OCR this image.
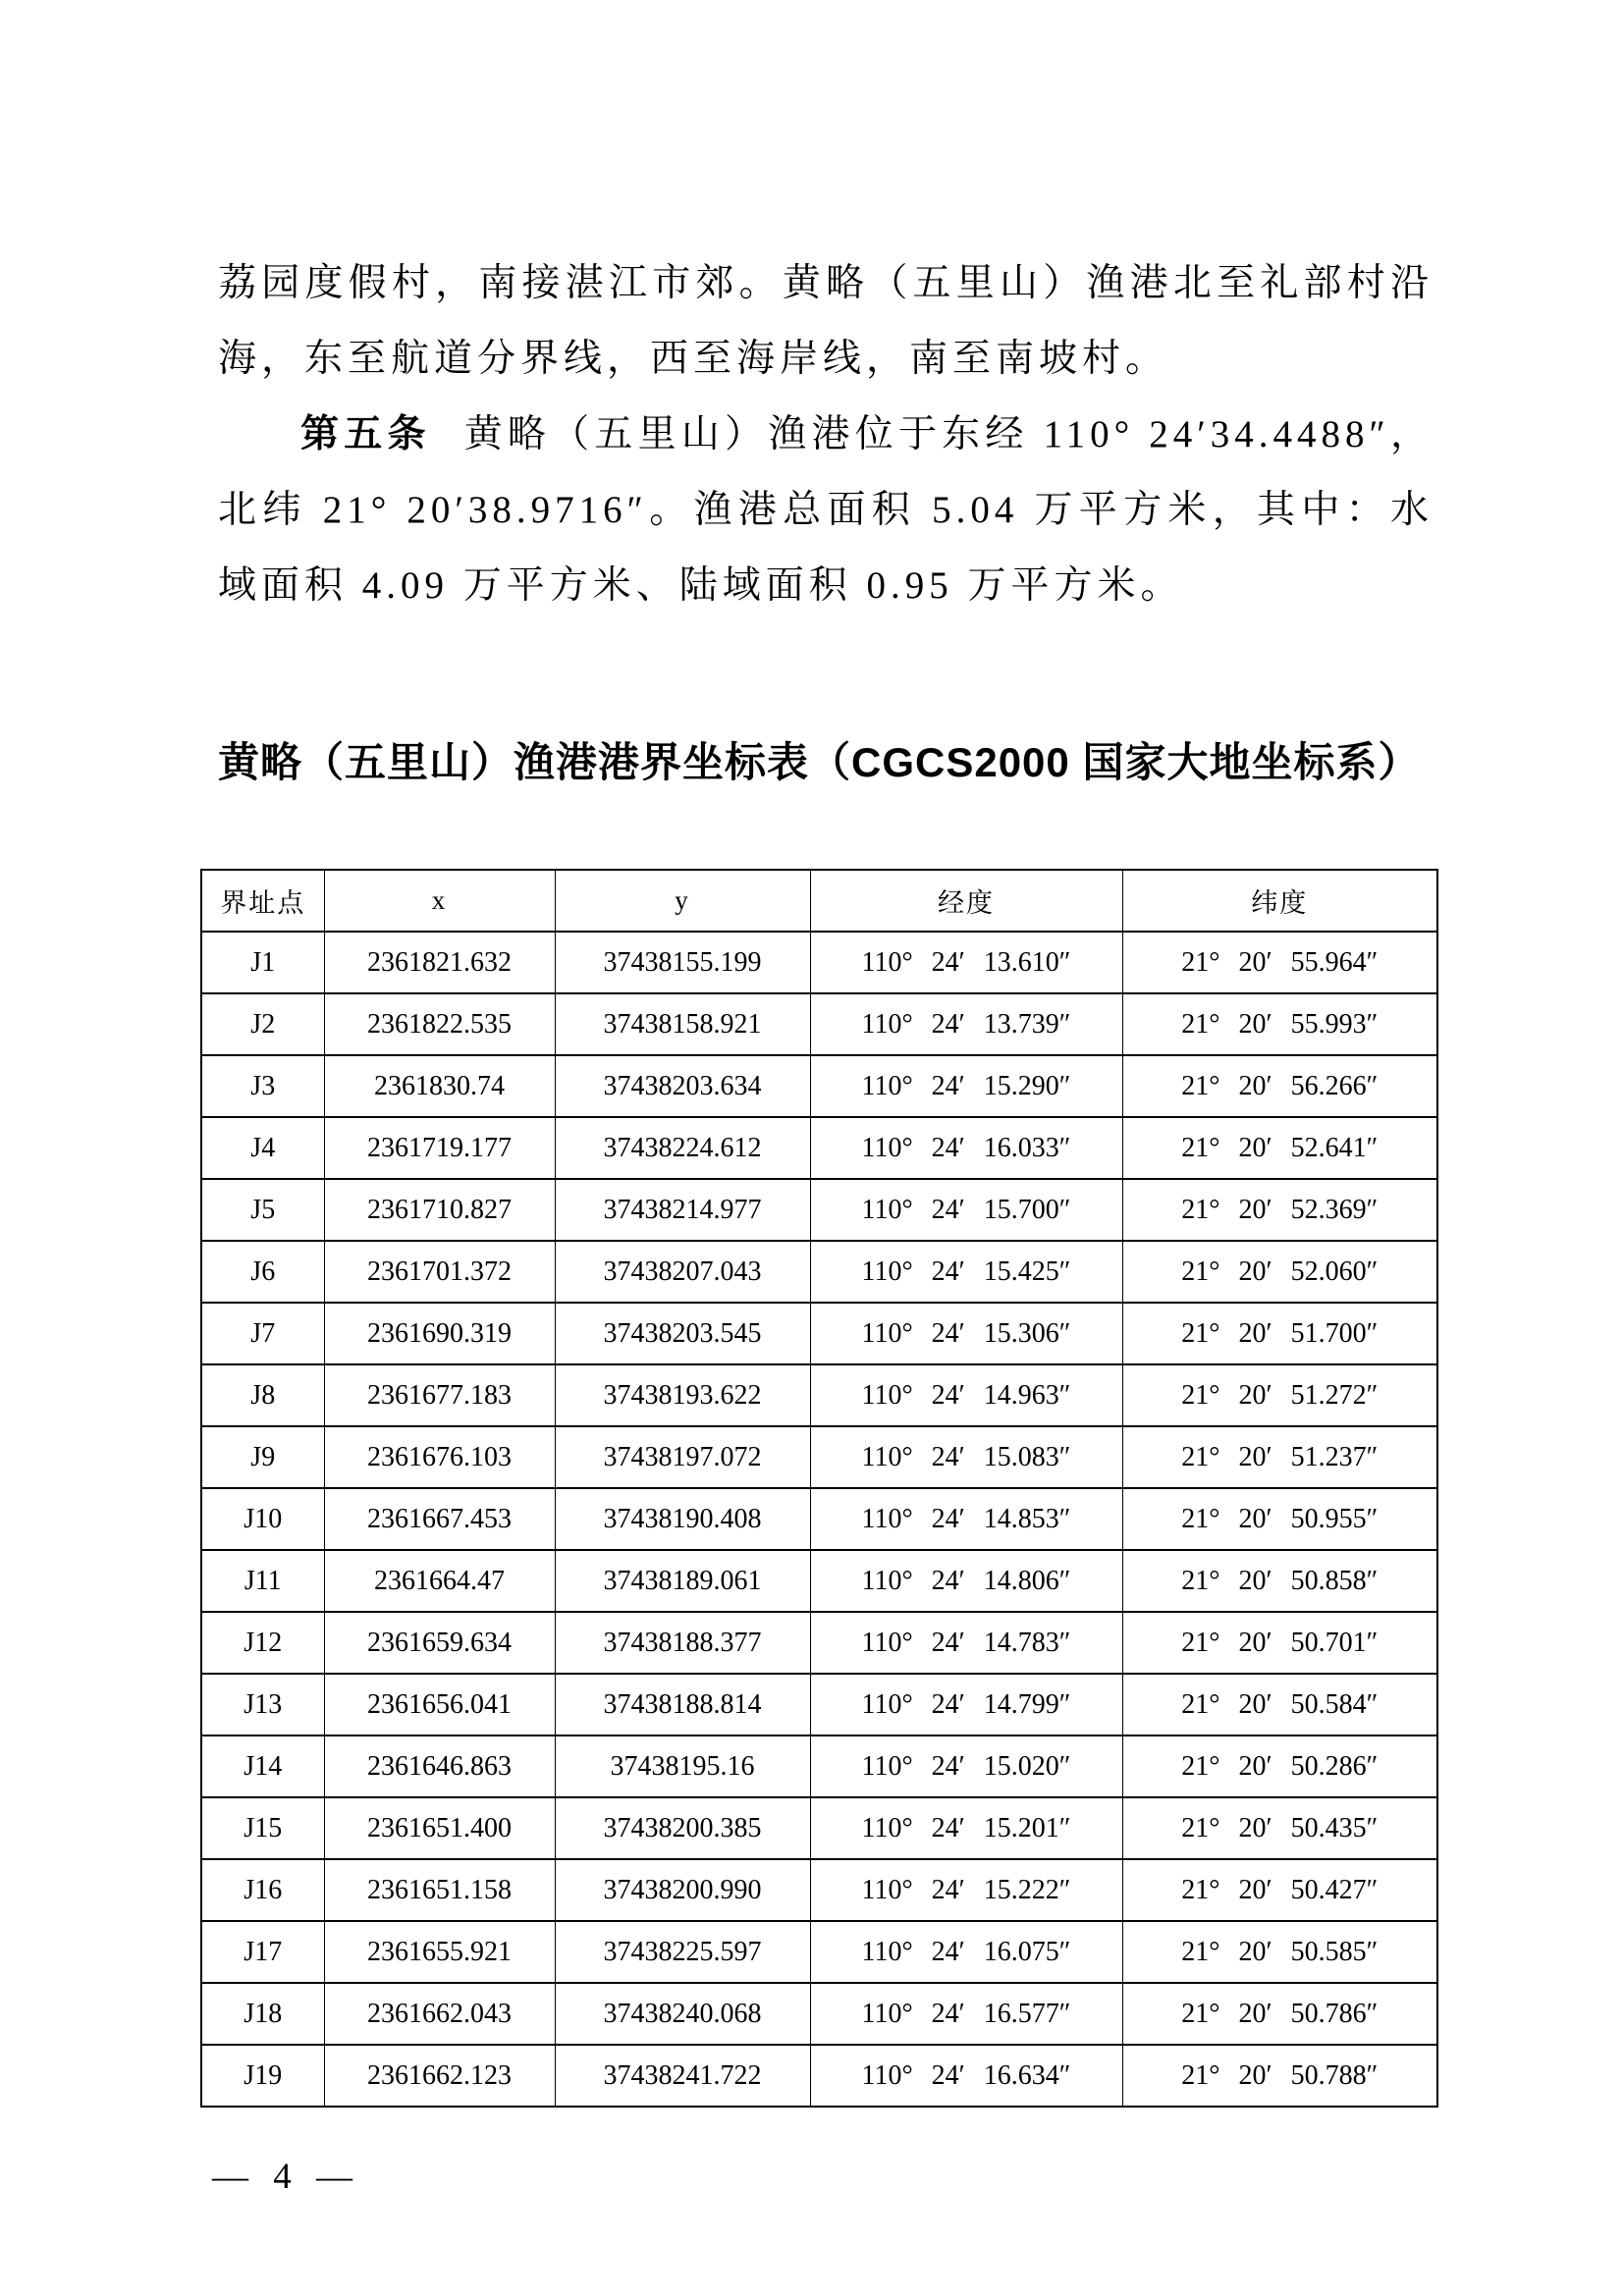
荔园度假村，南接湛江市郊。黄略（五里山）渔港北至礼部村沿海，东至航道分界线，西至海岸线，南至南坡村。

第五条 黄略（五里山）渔港位于东经 110° 24′34.4488″，北纬 21° 20′38.9716″。渔港总面积 5.04 万平方米，其中：水域面积 4.09 万平方米、陆域面积 0.95 万平方米。

黄略（五里山）渔港港界坐标表（CGCS2000 国家大地坐标系）
界址点	x	y	经度	纬度
J1	2361821.632	37438155.199	110° 24′ 13.610″	21° 20′ 55.964″
J2	2361822.535	37438158.921	110° 24′ 13.739″	21° 20′ 55.993″
J3	2361830.74	37438203.634	110° 24′ 15.290″	21° 20′ 56.266″
J4	2361719.177	37438224.612	110° 24′ 16.033″	21° 20′ 52.641″
J5	2361710.827	37438214.977	110° 24′ 15.700″	21° 20′ 52.369″
J6	2361701.372	37438207.043	110° 24′ 15.425″	21° 20′ 52.060″
J7	2361690.319	37438203.545	110° 24′ 15.306″	21° 20′ 51.700″
J8	2361677.183	37438193.622	110° 24′ 14.963″	21° 20′ 51.272″
J9	2361676.103	37438197.072	110° 24′ 15.083″	21° 20′ 51.237″
J10	2361667.453	37438190.408	110° 24′ 14.853″	21° 20′ 50.955″
J11	2361664.47	37438189.061	110° 24′ 14.806″	21° 20′ 50.858″
J12	2361659.634	37438188.377	110° 24′ 14.783″	21° 20′ 50.701″
J13	2361656.041	37438188.814	110° 24′ 14.799″	21° 20′ 50.584″
J14	2361646.863	37438195.16	110° 24′ 15.020″	21° 20′ 50.286″
J15	2361651.400	37438200.385	110° 24′ 15.201″	21° 20′ 50.435″
J16	2361651.158	37438200.990	110° 24′ 15.222″	21° 20′ 50.427″
J17	2361655.921	37438225.597	110° 24′ 16.075″	21° 20′ 50.585″
J18	2361662.043	37438240.068	110° 24′ 16.577″	21° 20′ 50.786″
J19	2361662.123	37438241.722	110° 24′ 16.634″	21° 20′ 50.788″
— 4 —
